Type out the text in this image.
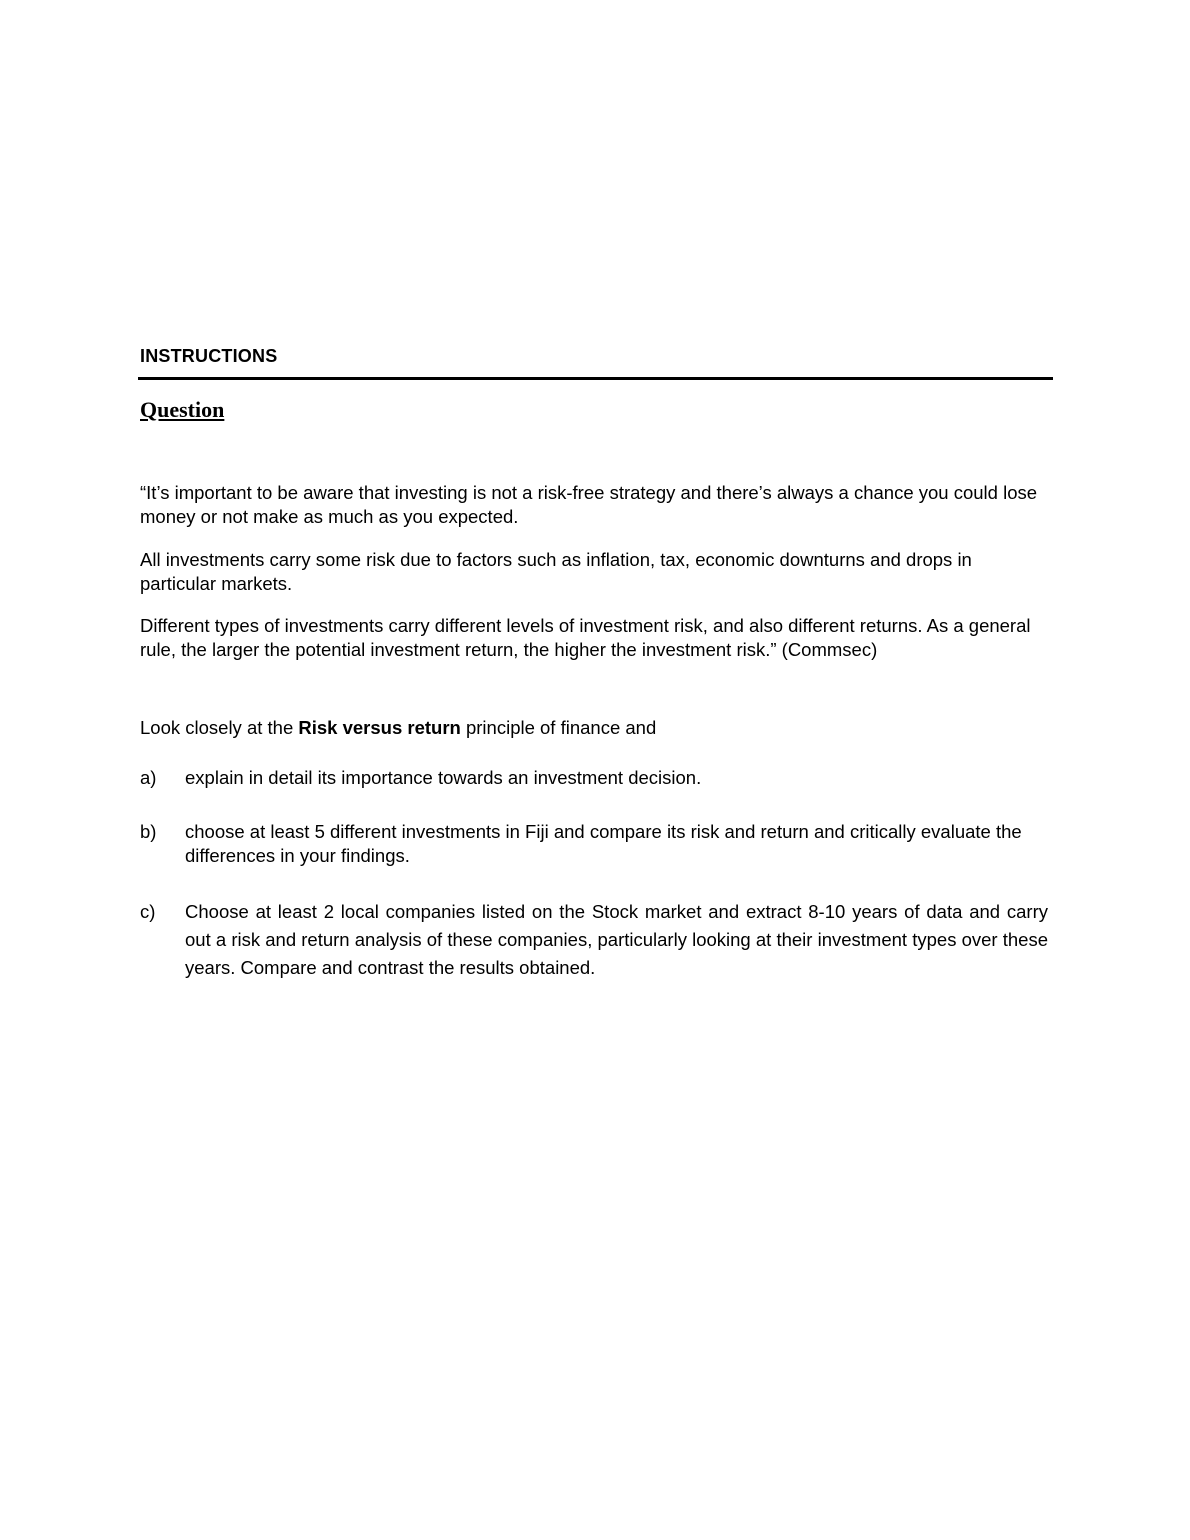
INSTRUCTIONS
Question

“It’s important to be aware that investing is not a risk-free strategy and there’s always a chance you could lose money or not make as much as you expected.

All investments carry some risk due to factors such as inflation, tax, economic downturns and drops in particular markets.

Different types of investments carry different levels of investment risk, and also different returns. As a general rule, the larger the potential investment return, the higher the investment risk.” (Commsec)

Look closely at the Risk versus return principle of finance and

a) explain in detail its importance towards an investment decision.

b) choose at least 5 different investments in Fiji and compare its risk and return and critically evaluate the differences in your findings.

c) Choose at least 2 local companies listed on the Stock market and extract 8-10 years of data and carry out a risk and return analysis of these companies, particularly looking at their investment types over these years. Compare and contrast the results obtained.
